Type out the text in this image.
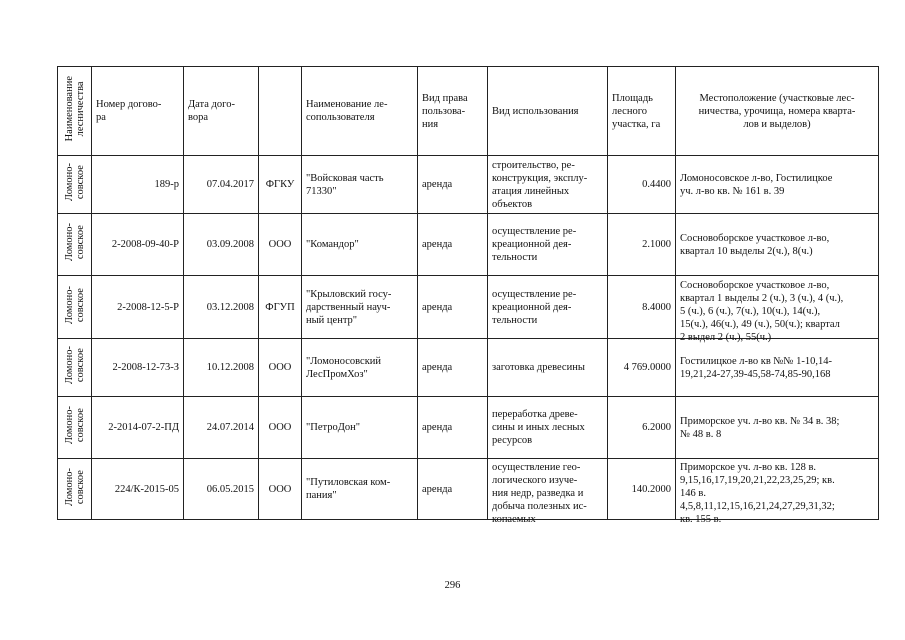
Наименование
лесничества	Номер догово-
ра	Дата дого-
вора		Наименование ле-
сопользователя	Вид права
пользова-
ния	Вид использования	Площадь
лесного
участка, га	Местоположение (участковые лес-
ничества, урочища, номера кварта-
лов и выделов)
Ломоно-
совское	189-р	07.04.2017	ФГКУ	"Войсковая часть
71330"	аренда	строительство, ре-
конструкция, эксплу-
атация линейных
объектов	0.4400	Ломоносовское л-во, Гостилицкое
уч. л-во кв. № 161 в. 39

Ломоно-
совское	2-2008-09-40-Р	03.09.2008	ООО	"Командор"	аренда	осуществление ре-
креационной дея-
тельности	2.1000	Сосновоборское участковое л-во,
квартал 10 выделы 2(ч.), 8(ч.)

Ломоно-
совское	2-2008-12-5-Р	03.12.2008	ФГУП	"Крыловский госу-
дарственный науч-
ный центр"	аренда	осуществление ре-
креационной дея-
тельности	8.4000	Сосновоборское участковое л-во,
квартал 1 выделы 2 (ч.), 3 (ч.), 4 (ч.),
5 (ч.), 6 (ч.), 7(ч.), 10(ч.), 14(ч.),
15(ч.), 46(ч.), 49 (ч.), 50(ч.); квартал
2 выдел 2 (ч.), 55(ч.)

Ломоно-
совское	2-2008-12-73-З	10.12.2008	ООО	"Ломоносовский
ЛесПромХоз"	аренда	заготовка древесины	4 769.0000	Гостилицкое л-во кв №№ 1-10,14-
19,21,24-27,39-45,58-74,85-90,168

Ломоно-
совское	2-2014-07-2-ПД	24.07.2014	ООО	"ПетроДон"	аренда	переработка древе-
сины и иных лесных
ресурсов	6.2000	Приморское уч. л-во кв. № 34 в. 38;
№ 48 в. 8

Ломоно-
совское	224/К-2015-05	06.05.2015	ООО	"Путиловская ком-
пания"	аренда	осуществление гео-
логического изуче-
ния недр, разведка и
добыча полезных ис-
копаемых	140.2000	Приморское уч. л-во кв. 128 в.
9,15,16,17,19,20,21,22,23,25,29; кв.
146 в.
4,5,8,11,12,15,16,21,24,27,29,31,32;
кв. 155 в.
296
